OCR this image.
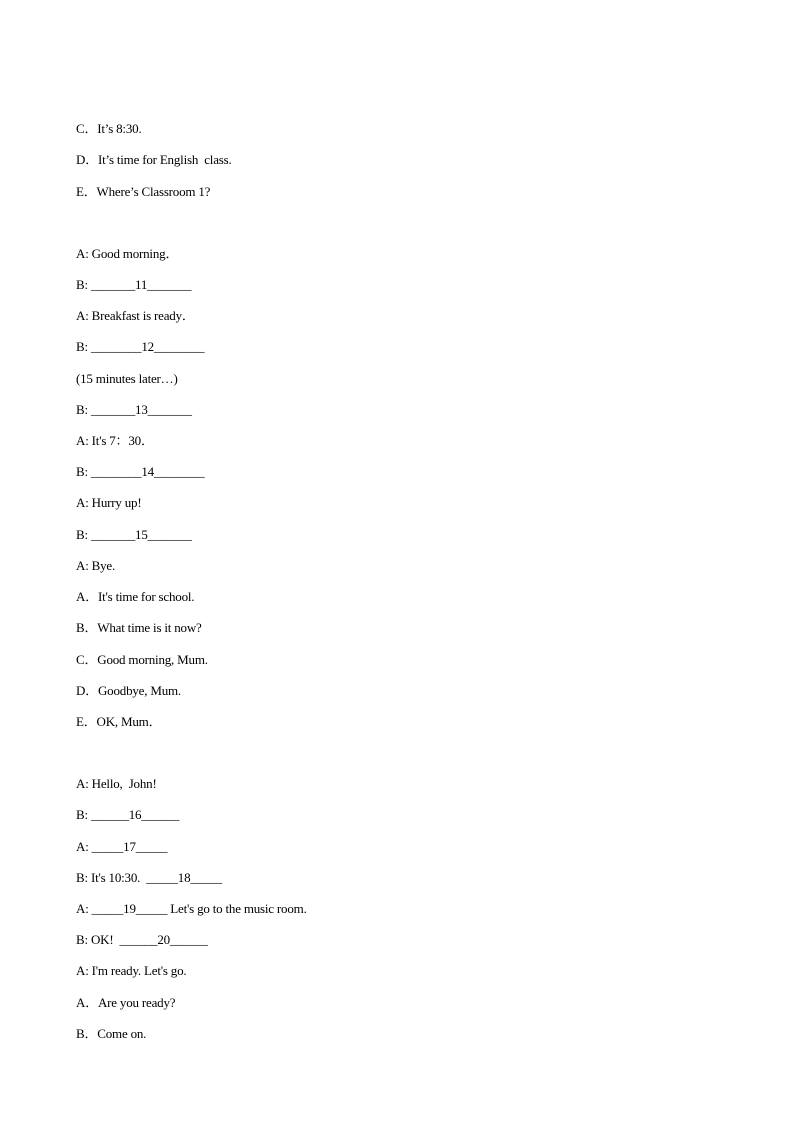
C．It’s 8:30.
D．It’s time for English  class.
E．Where’s Classroom 1?
A: Good morning．
B: _______11_______
A: Breakfast is ready．
B: ________12________
(15 minutes later…)
B: _______13_______
A: It's 7：30．
B: ________14________
A: Hurry up!
B: _______15_______
A: Bye.
A．It's time for school.
B．What time is it now?
C．Good morning, Mum.
D．Goodbye, Mum.
E．OK, Mum．
A: Hello,  John!
B: ______16______
A: _____17_____
B: It's 10:30.  _____18_____
A: _____19_____ Let's go to the music room.
B: OK!  ______20______
A: I'm ready. Let's go.
A．Are you ready?
B．Come on.
